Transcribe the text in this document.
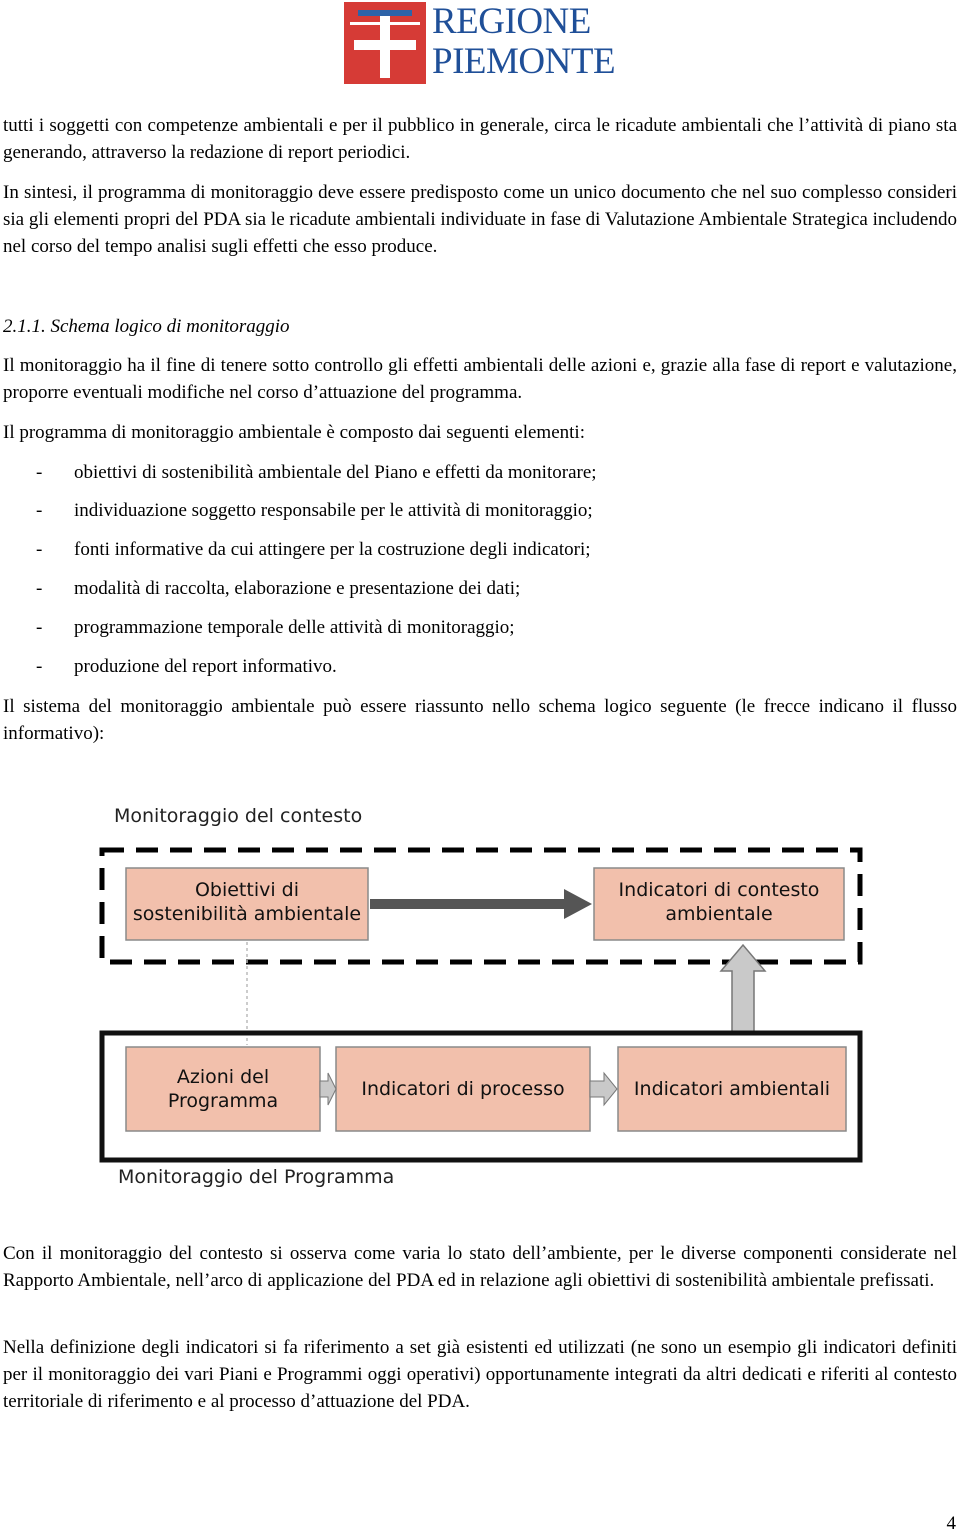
REGIONE
PIEMONTE

tutti i soggetti con competenze ambientali e per il pubblico in generale, circa le ricadute ambientali che l’attività di piano sta generando, attraverso la redazione di report periodici.

In sintesi, il programma di monitoraggio deve essere predisposto come un unico documento che nel suo complesso consideri sia gli elementi propri del PDA sia le ricadute ambientali individuate in fase di Valutazione Ambientale Strategica includendo nel corso del tempo analisi sugli effetti che esso produce.

2.1.1. Schema logico di monitoraggio

Il monitoraggio ha il fine di tenere sotto controllo gli effetti ambientali delle azioni e, grazie alla fase di report e valutazione, proporre eventuali modifiche nel corso d’attuazione del programma.

Il programma di monitoraggio ambientale è composto dai seguenti elementi:

- obiettivi di sostenibilità ambientale del Piano e effetti da monitorare;

- individuazione soggetto responsabile per le attività di monitoraggio;

- fonti informative da cui attingere per la costruzione degli indicatori;

- modalità di raccolta, elaborazione e presentazione dei dati;

- programmazione temporale delle attività di monitoraggio;

- produzione del report informativo.

Il sistema del monitoraggio ambientale può essere riassunto nello schema logico seguente (le frecce indicano il flusso informativo):

Monitoraggio del contesto
Obiettivi di
sostenibilità ambientale
Indicatori di contesto
ambientale
Azioni del
Programma
Indicatori di processo	Indicatori ambientali
Monitoraggio del Programma

Con il monitoraggio del contesto si osserva come varia lo stato dell’ambiente, per le diverse componenti considerate nel Rapporto Ambientale, nell’arco di applicazione del PDA ed in relazione agli obiettivi di sostenibilità ambientale prefissati.

Nella definizione degli indicatori si fa riferimento a set già esistenti ed utilizzati (ne sono un esempio gli indicatori definiti per il monitoraggio dei vari Piani e Programmi oggi operativi) opportunamente integrati da altri dedicati e riferiti al contesto territoriale di riferimento e al processo d’attuazione del PDA.

4
